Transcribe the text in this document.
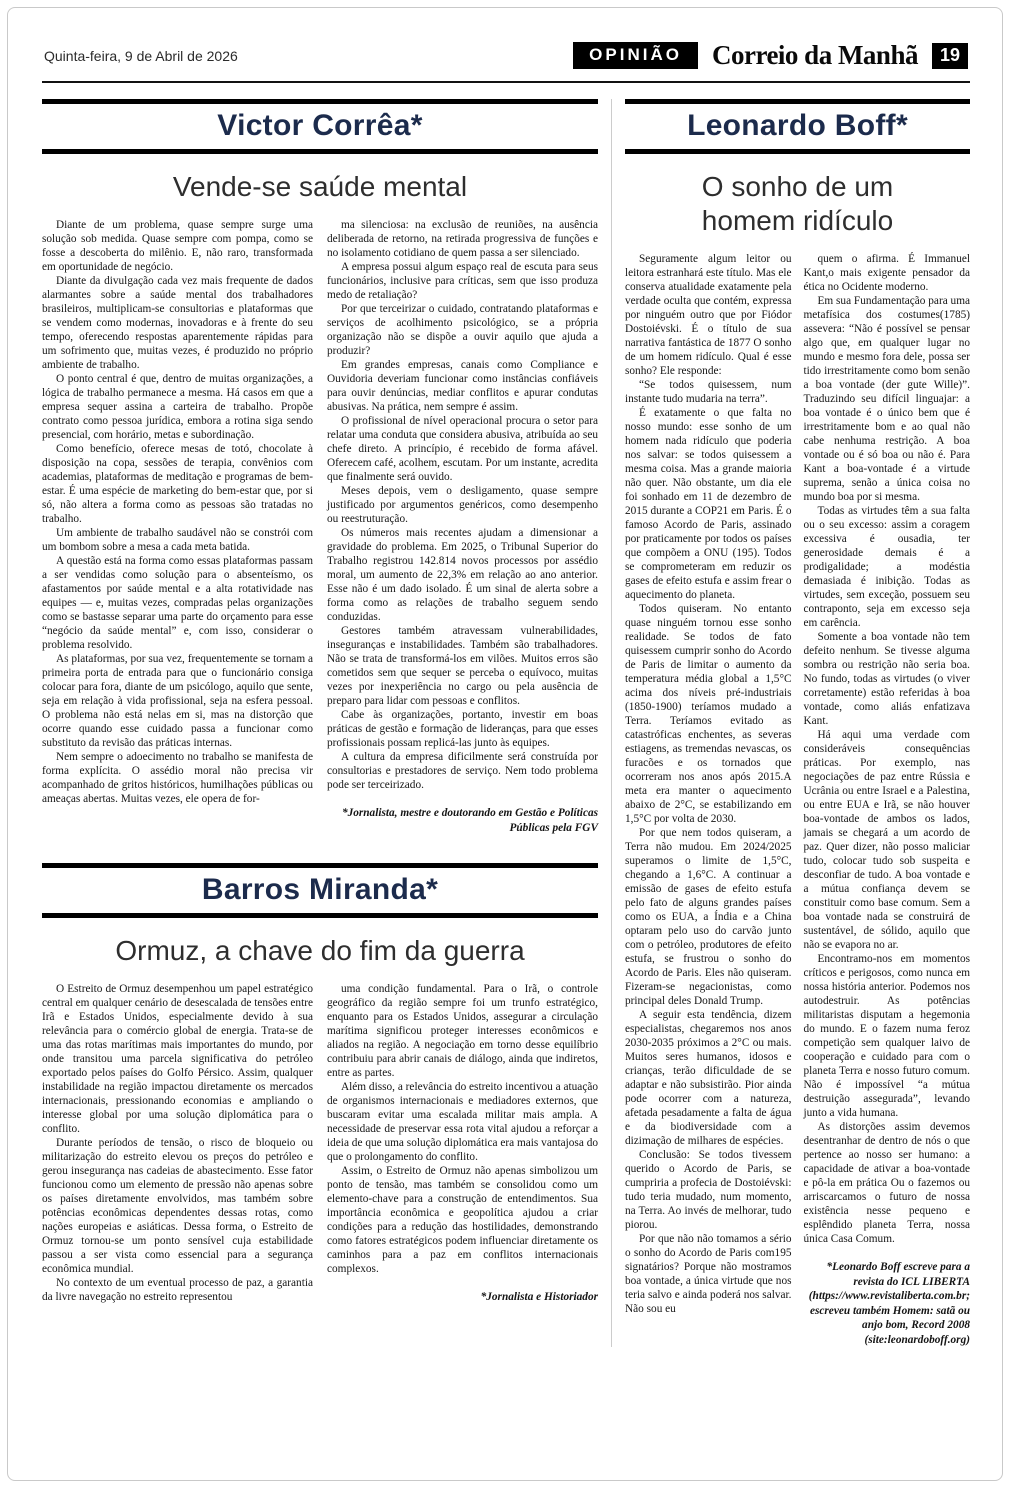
Quinta-feira, 9 de Abril de 2026	OPINIÃO	Correio da Manhã	19
Victor Corrêa*
Vende-se saúde mental

Diante de um problema, quase sempre surge uma solução sob medida. Quase sempre com pompa, como se fosse a descoberta do milênio. E, não raro, transformada em oportunidade de negócio.

Diante da divulgação cada vez mais frequente de dados alarmantes sobre a saúde mental dos trabalhadores brasileiros, multiplicam-se consultorias e plataformas que se vendem como modernas, inovadoras e à frente do seu tempo, oferecendo respostas aparentemente rápidas para um sofrimento que, muitas vezes, é produzido no próprio ambiente de trabalho.

O ponto central é que, dentro de muitas organizações, a lógica de trabalho permanece a mesma. Há casos em que a empresa sequer assina a carteira de trabalho. Propõe contrato como pessoa jurídica, embora a rotina siga sendo presencial, com horário, metas e subordinação.

Como benefício, oferece mesas de totó, chocolate à disposição na copa, sessões de terapia, convênios com academias, plataformas de meditação e programas de bem-estar. É uma espécie de marketing do bem-estar que, por si só, não altera a forma como as pessoas são tratadas no trabalho.

Um ambiente de trabalho saudável não se constrói com um bombom sobre a mesa a cada meta batida.

A questão está na forma como essas plataformas passam a ser vendidas como solução para o absenteísmo, os afastamentos por saúde mental e a alta rotatividade nas equipes — e, muitas vezes, compradas pelas organizações como se bastasse separar uma parte do orçamento para esse “negócio da saúde mental” e, com isso, considerar o problema resolvido.

As plataformas, por sua vez, frequentemente se tornam a primeira porta de entrada para que o funcionário consiga colocar para fora, diante de um psicólogo, aquilo que sente, seja em relação à vida profissional, seja na esfera pessoal. O problema não está nelas em si, mas na distorção que ocorre quando esse cuidado passa a funcionar como substituto da revisão das práticas internas.

Nem sempre o adoecimento no trabalho se manifesta de forma explícita. O assédio moral não precisa vir acompanhado de gritos históricos, humilhações públicas ou ameaças abertas. Muitas vezes, ele opera de for-

ma silenciosa: na exclusão de reuniões, na ausência deliberada de retorno, na retirada progressiva de funções e no isolamento cotidiano de quem passa a ser silenciado.

A empresa possui algum espaço real de escuta para seus funcionários, inclusive para críticas, sem que isso produza medo de retaliação?

Por que terceirizar o cuidado, contratando plataformas e serviços de acolhimento psicológico, se a própria organização não se dispõe a ouvir aquilo que ajuda a produzir?

Em grandes empresas, canais como Compliance e Ouvidoria deveriam funcionar como instâncias confiáveis para ouvir denúncias, mediar conflitos e apurar condutas abusivas. Na prática, nem sempre é assim.

O profissional de nível operacional procura o setor para relatar uma conduta que considera abusiva, atribuída ao seu chefe direto. A princípio, é recebido de forma afável. Oferecem café, acolhem, escutam. Por um instante, acredita que finalmente será ouvido.

Meses depois, vem o desligamento, quase sempre justificado por argumentos genéricos, como desempenho ou reestruturação.

Os números mais recentes ajudam a dimensionar a gravidade do problema. Em 2025, o Tribunal Superior do Trabalho registrou 142.814 novos processos por assédio moral, um aumento de 22,3% em relação ao ano anterior. Esse não é um dado isolado. É um sinal de alerta sobre a forma como as relações de trabalho seguem sendo conduzidas.

Gestores também atravessam vulnerabilidades, inseguranças e instabilidades. Também são trabalhadores. Não se trata de transformá-los em vilões. Muitos erros são cometidos sem que sequer se perceba o equívoco, muitas vezes por inexperiência no cargo ou pela ausência de preparo para lidar com pessoas e conflitos.

Cabe às organizações, portanto, investir em boas práticas de gestão e formação de lideranças, para que esses profissionais possam replicá-las junto às equipes.

A cultura da empresa dificilmente será construída por consultorias e prestadores de serviço. Nem todo problema pode ser terceirizado.

*Jornalista, mestre e doutorando em Gestão e Políticas Públicas pela FGV
Barros Miranda*
Ormuz, a chave do fim da guerra

O Estreito de Ormuz desempenhou um papel estratégico central em qualquer cenário de desescalada de tensões entre Irã e Estados Unidos, especialmente devido à sua relevância para o comércio global de energia. Trata-se de uma das rotas marítimas mais importantes do mundo, por onde transitou uma parcela significativa do petróleo exportado pelos países do Golfo Pérsico. Assim, qualquer instabilidade na região impactou diretamente os mercados internacionais, pressionando economias e ampliando o interesse global por uma solução diplomática para o conflito.

Durante períodos de tensão, o risco de bloqueio ou militarização do estreito elevou os preços do petróleo e gerou insegurança nas cadeias de abastecimento. Esse fator funcionou como um elemento de pressão não apenas sobre os países diretamente envolvidos, mas também sobre potências econômicas dependentes dessas rotas, como nações europeias e asiáticas. Dessa forma, o Estreito de Ormuz tornou-se um ponto sensível cuja estabilidade passou a ser vista como essencial para a segurança econômica mundial.

No contexto de um eventual processo de paz, a garantia da livre navegação no estreito representou

uma condição fundamental. Para o Irã, o controle geográfico da região sempre foi um trunfo estratégico, enquanto para os Estados Unidos, assegurar a circulação marítima significou proteger interesses econômicos e aliados na região. A negociação em torno desse equilíbrio contribuiu para abrir canais de diálogo, ainda que indiretos, entre as partes.

Além disso, a relevância do estreito incentivou a atuação de organismos internacionais e mediadores externos, que buscaram evitar uma escalada militar mais ampla. A necessidade de preservar essa rota vital ajudou a reforçar a ideia de que uma solução diplomática era mais vantajosa do que o prolongamento do conflito.

Assim, o Estreito de Ormuz não apenas simbolizou um ponto de tensão, mas também se consolidou como um elemento-chave para a construção de entendimentos. Sua importância econômica e geopolítica ajudou a criar condições para a redução das hostilidades, demonstrando como fatores estratégicos podem influenciar diretamente os caminhos para a paz em conflitos internacionais complexos.

*Jornalista e Historiador
Leonardo Boff*
O sonho de um homem ridículo

Seguramente algum leitor ou leitora estranhará este título. Mas ele conserva atualidade exatamente pela verdade oculta que contém, expressa por ninguém outro que por Fiódor Dostoiévski. É o título de sua narrativa fantástica de 1877 O sonho de um homem ridículo. Qual é esse sonho? Ele responde:

“Se todos quisessem, num instante tudo mudaria na terra”.

É exatamente o que falta no nosso mundo: esse sonho de um homem nada ridículo que poderia nos salvar: se todos quisessem a mesma coisa. Mas a grande maioria não quer. Não obstante, um dia ele foi sonhado em 11 de dezembro de 2015 durante a COP21 em Paris. É o famoso Acordo de Paris, assinado por praticamente por todos os países que compõem a ONU (195). Todos se comprometeram em reduzir os gases de efeito estufa e assim frear o aquecimento do planeta.

Todos quiseram. No entanto quase ninguém tornou esse sonho realidade. Se todos de fato quisessem cumprir sonho do Acordo de Paris de limitar o aumento da temperatura média global a 1,5°C acima dos níveis pré-industriais (1850-1900) teríamos mudado a Terra. Teríamos evitado as catastróficas enchentes, as severas estiagens, as tremendas nevascas, os furacões e os tornados que ocorreram nos anos após 2015.A meta era manter o aquecimento abaixo de 2°C, se estabilizando em 1,5°C por volta de 2030.

Por que nem todos quiseram, a Terra não mudou. Em 2024/2025 superamos o limite de 1,5°C, chegando a 1,6°C. A continuar a emissão de gases de efeito estufa pelo fato de alguns grandes países como os EUA, a Índia e a China optaram pelo uso do carvão junto com o petróleo, produtores de efeito estufa, se frustrou o sonho do Acordo de Paris. Eles não quiseram. Fizeram-se negacionistas, como principal deles Donald Trump.

A seguir esta tendência, dizem especialistas, chegaremos nos anos 2030-2035 próximos a 2°C ou mais. Muitos seres humanos, idosos e crianças, terão dificuldade de se adaptar e não subsistirão. Pior ainda pode ocorrer com a natureza, afetada pesadamente a falta de água e da biodiversidade com a dizimação de milhares de espécies.

Conclusão: Se todos tivessem querido o Acordo de Paris, se cumpriria a profecia de Dostoiévski: tudo teria mudado, num momento, na Terra. Ao invés de melhorar, tudo piorou.

Por que não não tomamos a sério o sonho do Acordo de Paris com195 signatários? Porque não mostramos boa vontade, a única virtude que nos teria salvo e ainda poderá nos salvar. Não sou eu

quem o afirma. É Immanuel Kant,o mais exigente pensador da ética no Ocidente moderno.

Em sua Fundamentação para uma metafísica dos costumes(1785) assevera: “Não é possível se pensar algo que, em qualquer lugar no mundo e mesmo fora dele, possa ser tido irrestritamente como bom senão a boa vontade (der gute Wille)”. Traduzindo seu difícil linguajar: a boa vontade é o único bem que é irrestritamente bom e ao qual não cabe nenhuma restrição. A boa vontade ou é só boa ou não é. Para Kant a boa-vontade é a virtude suprema, senão a única coisa no mundo boa por si mesma.

Todas as virtudes têm a sua falta ou o seu excesso: assim a coragem excessiva é ousadia, ter generosidade demais é a prodigalidade; a modéstia demasiada é inibição. Todas as virtudes, sem exceção, possuem seu contraponto, seja em excesso seja em carência.

Somente a boa vontade não tem defeito nenhum. Se tivesse alguma sombra ou restrição não seria boa. No fundo, todas as virtudes (o viver corretamente) estão referidas à boa vontade, como aliás enfatizava Kant.

Há aqui uma verdade com consideráveis consequências práticas. Por exemplo, nas negociações de paz entre Rússia e Ucrânia ou entre Israel e a Palestina, ou entre EUA e Irã, se não houver boa-vontade de ambos os lados, jamais se chegará a um acordo de paz. Quer dizer, não posso maliciar tudo, colocar tudo sob suspeita e desconfiar de tudo. A boa vontade e a mútua confiança devem se constituir como base comum. Sem a boa vontade nada se construirá de sustentável, de sólido, aquilo que não se evapora no ar.

Encontramo-nos em momentos críticos e perigosos, como nunca em nossa história anterior. Podemos nos autodestruir. As potências militaristas disputam a hegemonia do mundo. E o fazem numa feroz competição sem qualquer laivo de cooperação e cuidado para com o planeta Terra e nosso futuro comum. Não é impossível “a mútua destruição assegurada”, levando junto a vida humana.

As distorções assim devemos desentranhar de dentro de nós o que pertence ao nosso ser humano: a capacidade de ativar a boa-vontade e pô-la em prática Ou o fazemos ou arriscarcamos o futuro de nossa existência nesse pequeno e esplêndido planeta Terra, nossa única Casa Comum.

*Leonardo Boff escreve para a revista do ICL LIBERTA (https://www.revistaliberta.com.br; escreveu também Homem: satã ou anjo bom, Record 2008 (site:leonardoboff.org)
